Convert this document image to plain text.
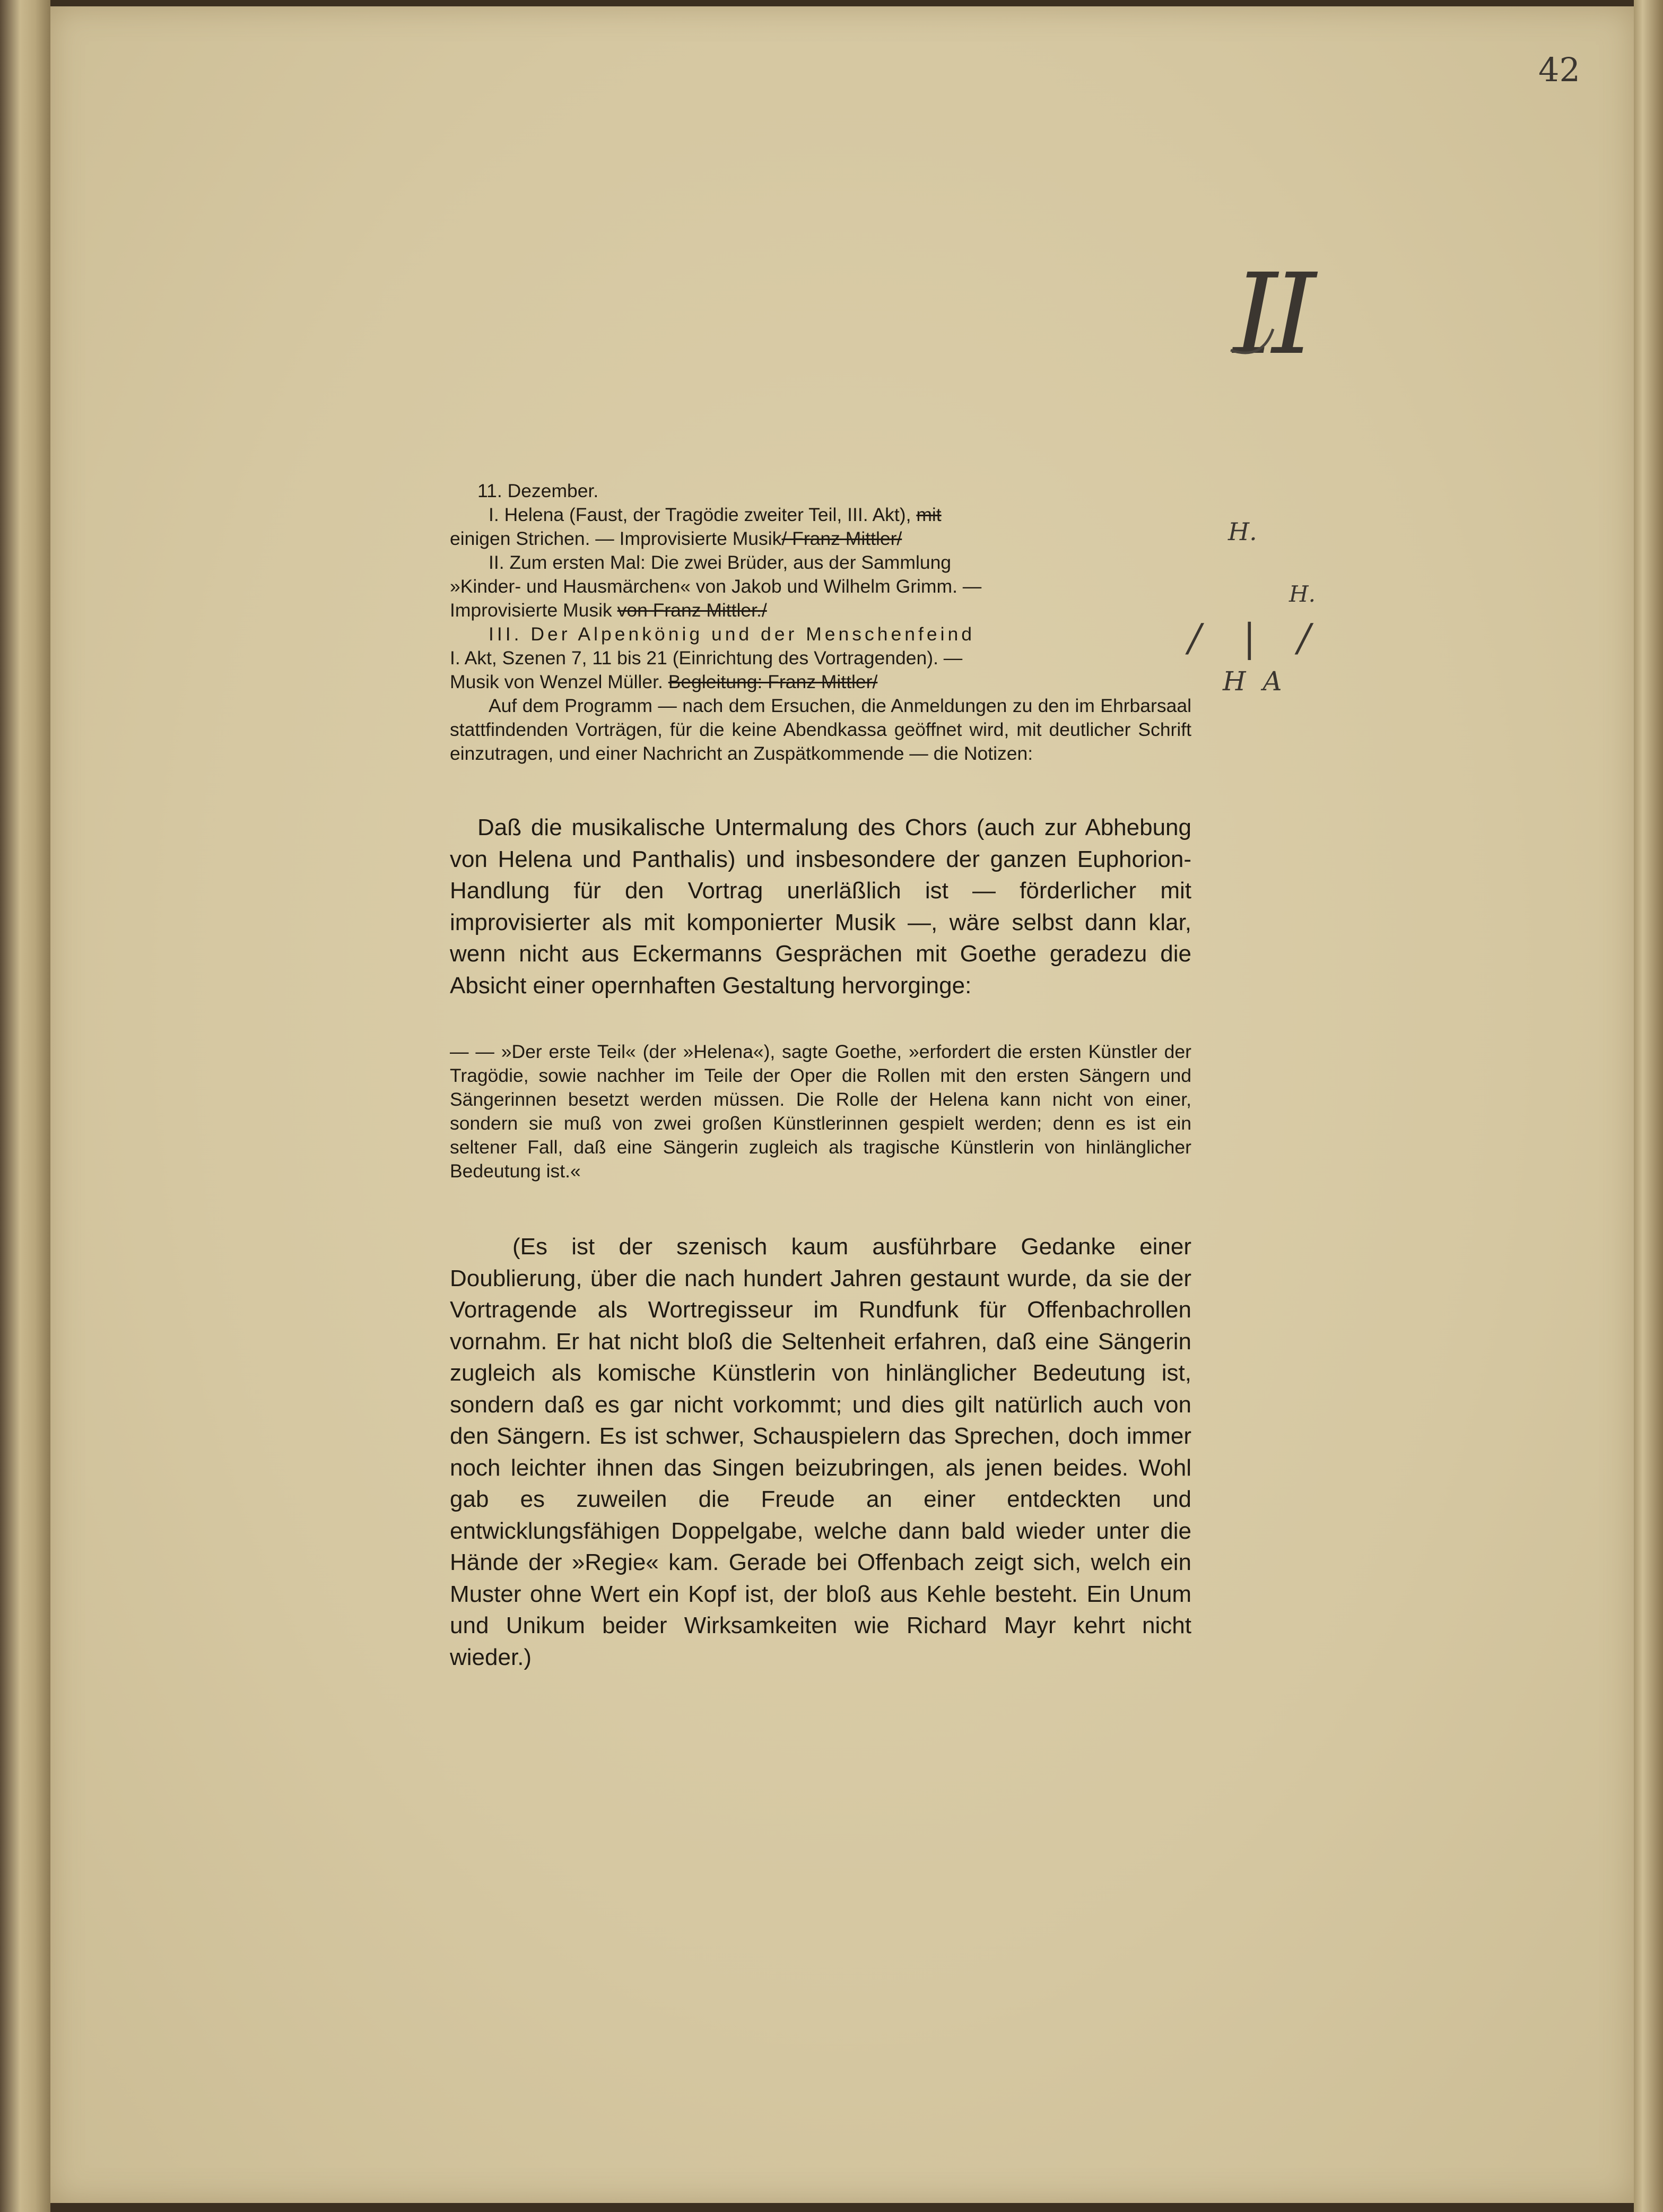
42
II
H.
H.
/ | /
H A

11. Dezember.

I. Helena (Faust, der Tragödie zweiter Teil, III. Akt), mit

einigen Strichen. — Improvisierte Musik/ Franz Mittler/

II. Zum ersten Mal: Die zwei Brüder, aus der Sammlung

»Kinder- und Hausmärchen« von Jakob und Wilhelm Grimm. —

Improvisierte Musik von Franz Mittler./

III. Der Alpenkönig und der Menschenfeind

I. Akt, Szenen 7, 11 bis 21 (Einrichtung des Vortragenden). —

Musik von Wenzel Müller. Begleitung: Franz Mittler/

Auf dem Programm — nach dem Ersuchen, die Anmeldungen zu den im Ehrbarsaal stattfindenden Vorträgen, für die keine Abendkassa geöffnet wird, mit deutlicher Schrift einzutragen, und einer Nachricht an Zuspätkommende — die Notizen:

Daß die musikalische Untermalung des Chors (auch zur Abhebung von Helena und Panthalis) und insbesondere der ganzen Euphorion-Handlung für den Vortrag unerläßlich ist — förderlicher mit improvisierter als mit komponierter Musik —, wäre selbst dann klar, wenn nicht aus Eckermanns Gesprächen mit Goethe geradezu die Absicht einer opernhaften Gestaltung hervorginge:

— — »Der erste Teil« (der »Helena«), sagte Goethe, »erfordert die ersten Künstler der Tragödie, sowie nachher im Teile der Oper die Rollen mit den ersten Sängern und Sängerinnen besetzt werden müssen. Die Rolle der Helena kann nicht von einer, sondern sie muß von zwei großen Künstlerinnen gespielt werden; denn es ist ein seltener Fall, daß eine Sängerin zugleich als tragische Künstlerin von hinlänglicher Bedeutung ist.«

(Es ist der szenisch kaum ausführbare Gedanke einer Doublierung, über die nach hundert Jahren gestaunt wurde, da sie der Vortragende als Wortregisseur im Rundfunk für Offenbachrollen vornahm. Er hat nicht bloß die Seltenheit erfahren, daß eine Sängerin zugleich als komische Künstlerin von hinlänglicher Bedeutung ist, sondern daß es gar nicht vorkommt; und dies gilt natürlich auch von den Sängern. Es ist schwer, Schauspielern das Sprechen, doch immer noch leichter ihnen das Singen beizubringen, als jenen beides. Wohl gab es zuweilen die Freude an einer entdeckten und entwicklungsfähigen Doppelgabe, welche dann bald wieder unter die Hände der »Regie« kam. Gerade bei Offenbach zeigt sich, welch ein Muster ohne Wert ein Kopf ist, der bloß aus Kehle besteht. Ein Unum und Unikum beider Wirksamkeiten wie Richard Mayr kehrt nicht wieder.)
